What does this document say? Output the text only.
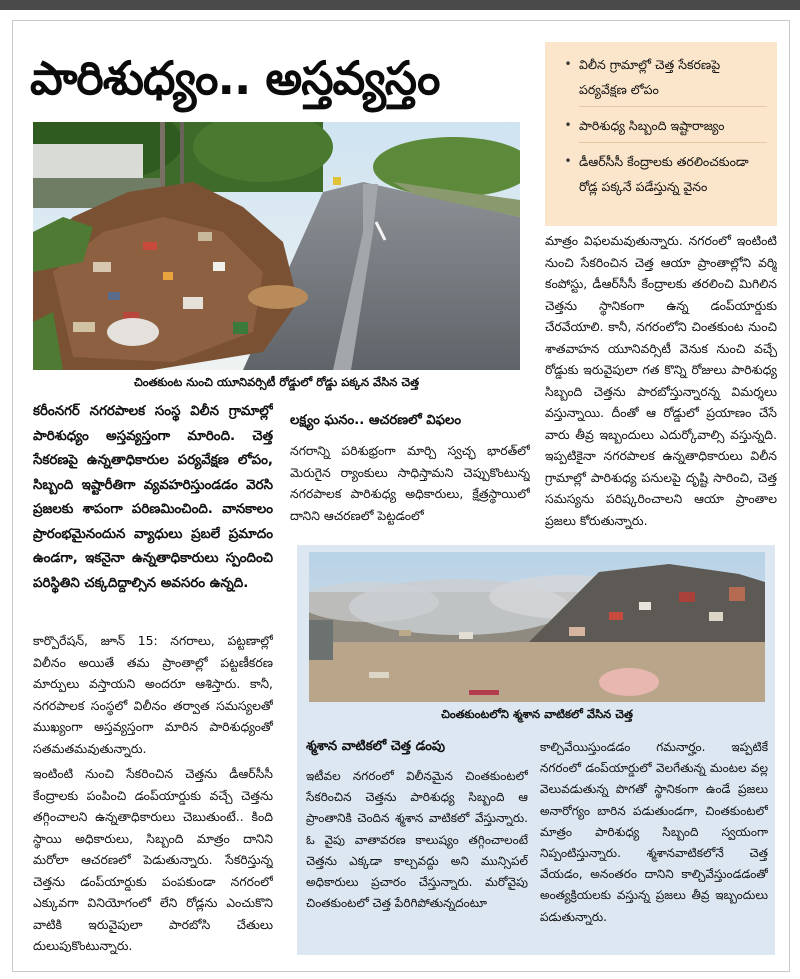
పారిశుధ్యం.. అస్తవ్యస్తం	• విలీన గ్రామాల్లో చెత్త సేకరణపై పర్యవేక్షణ లోపం
• పారిశుధ్య సిబ్బంది ఇష్టారాజ్యం
• డీఆర్‌సీసీ కేంద్రాలకు తరలించకుండా రోడ్ల పక్కనే పడేస్తున్న వైనం
చింతకుంట నుంచి యూనివర్సిటీ రోడ్డులో రోడ్డు పక్కన వేసిన చెత్త
కరీంనగర్ నగరపాలక సంస్థ విలీన గ్రామాల్లో పారిశుధ్యం అస్తవ్యస్తంగా మారింది. చెత్త సేకరణపై ఉన్నతాధికారుల పర్యవేక్షణ లోపం, సిబ్బంది ఇష్టారీతిగా వ్యవహరిస్తుండడం వెరసి ప్రజలకు శాపంగా పరిణమించింది. వానకాలం ప్రారంభమైనందున వ్యాధులు ప్రబలే ప్రమాదం ఉండగా, ఇకనైనా ఉన్నతాధికారులు స్పందించి పరిస్థితిని చక్కదిద్దాల్సిన అవసరం ఉన్నది.

కార్పొరేషన్, జూన్ 15: నగరాలు, పట్టణాల్లో విలీనం అయితే తమ ప్రాంతాల్లో పట్టణీకరణ మార్పులు వస్తాయని అందరూ ఆశిస్తారు. కానీ, నగరపాలక సంస్థలో విలీనం తర్వాత సమస్యలతో ముఖ్యంగా అస్తవ్యస్తంగా మారిన పారిశుధ్యంతో సతమతమవుతున్నారు.

ఇంటింటి నుంచి సేకరించిన చెత్తను డీఆర్‌సీసీ కేంద్రాలకు పంపించి డంప్‌యార్డుకు వచ్చే చెత్తను తగ్గించాలని ఉన్నతాధికారులు చెబుతుంటే.. కింది స్థాయి అధికారులు, సిబ్బంది మాత్రం దానిని మరోలా ఆచరణలో పెడుతున్నారు. సేకరిస్తున్న చెత్తను డంప్‌యార్డుకు పంపకుండా నగరంలో ఎక్కువగా వినియోగంలో లేని రోడ్లను ఎంచుకొని వాటికి ఇరువైపులా పారబోసి చేతులు దులుపుకొంటున్నారు.

లక్ష్యం ఘనం.. ఆచరణలో విఫలం
నగరాన్ని పరిశుభ్రంగా మార్చి స్వచ్ఛ భారత్‌లో మెరుగైన ర్యాంకులు సాధిస్తామని చెప్పుకొంటున్న నగరపాలక పారిశుధ్య అధికారులు, క్షేత్రస్థాయిలో దానిని ఆచరణలో పెట్టడంలో
మాత్రం విఫలమవుతున్నారు. నగరంలో ఇంటింటి నుంచి సేకరించిన చెత్త ఆయా ప్రాంతాల్లోని వర్మి కంపోస్టు, డీఆర్‌సీసీ కేంద్రాలకు తరలించి మిగిలిన చెత్తను స్థానికంగా ఉన్న డంప్‌యార్డుకు చేరవేయాలి. కానీ, నగరంలోని చింతకుంట నుంచి శాతవాహన యూనివర్సిటీ వెనుక నుంచి వచ్చే రోడ్డుకు ఇరువైపులా గత కొన్ని రోజులు పారిశుధ్య సిబ్బంది చెత్తను పారబోస్తున్నారన్న విమర్శలు వస్తున్నాయి. దీంతో ఆ రోడ్డులో ప్రయాణం చేసే వారు తీవ్ర ఇబ్బందులు ఎదుర్కోవాల్సి వస్తున్నది. ఇప్పటికైనా నగరపాలక ఉన్నతాధికారులు విలీన గ్రామాల్లో పారిశుధ్య పనులపై దృష్టి సారించి, చెత్త సమస్యను పరిష్కరించాలని ఆయా ప్రాంతాల ప్రజలు కోరుతున్నారు.
చింతకుంటలోని శ్మశాన వాటికలో వేసిన చెత్త
శ్మశాన వాటికలో చెత్త డంపు
ఇటీవల నగరంలో విలీనమైన చింతకుంటలో సేకరించిన చెత్తను పారిశుధ్య సిబ్బంది ఆ ప్రాంతానికి చెందిన శ్మశాన వాటికలో వేస్తున్నారు. ఓ వైపు వాతావరణ కాలుష్యం తగ్గించాలంటే చెత్తను ఎక్కడా కాల్చవద్దు అని మున్సిపల్ అధికారులు ప్రచారం చేస్తున్నారు. మరోవైపు చింతకుంటలో చెత్త పేరిగిపోతున్నదంటూ
కాల్చివేయిస్తుండడం గమనార్హం. ఇప్పటికే నగరంలో డంప్‌యార్డులో వెలగేతున్న మంటల వల్ల వెలువడుతున్న పొగతో స్థానికంగా ఉండే ప్రజలు అనారోగ్యం బారిన పడుతుండగా, చింతకుంటలో మాత్రం పారిశుధ్య సిబ్బంది స్వయంగా నిప్పంటిస్తున్నారు. శ్మశానవాటికలోనే చెత్త వేయడం, అనంతరం దానిని కాల్చివేస్తుండడంతో అంత్యక్రియలకు వస్తున్న ప్రజలు తీవ్ర ఇబ్బందులు పడుతున్నారు.
